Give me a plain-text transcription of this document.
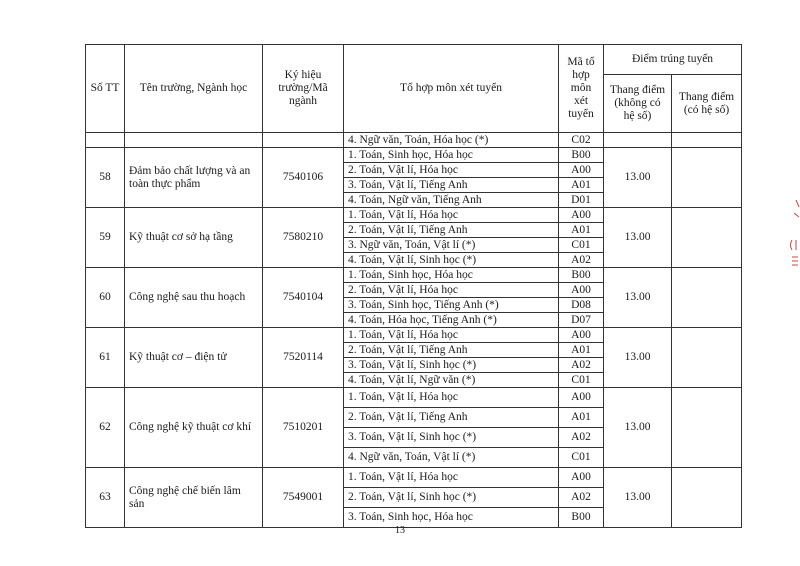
Số TT	Tên trường, Ngành học	Ký hiệu trường/Mã ngành	Tổ hợp môn xét tuyển	Mã tổ hợp môn xét tuyển	Điểm trúng tuyển	
					Thang điểm (không có hệ số)	Thang điểm (có hệ số)
			4. Ngữ văn, Toán, Hóa học (*)	C02		
58	Đảm bảo chất lượng và an toàn thực phẩm	7540106	1. Toán, Sinh học, Hóa học	B00	13.00	
			2. Toán, Vật lí, Hóa học	A00		
			3. Toán, Vật lí, Tiếng Anh	A01		
			4. Toán, Ngữ văn, Tiếng Anh	D01		
59	Kỹ thuật cơ sở hạ tầng	7580210	1. Toán, Vật lí, Hóa học	A00	13.00	
			2. Toán, Vật lí, Tiếng Anh	A01		
			3. Ngữ văn, Toán, Vật lí (*)	C01		
			4. Toán, Vật lí, Sinh học (*)	A02		
60	Công nghệ sau thu hoạch	7540104	1. Toán, Sinh học, Hóa học	B00	13.00	
			2. Toán, Vật lí, Hóa học	A00		
			3. Toán, Sinh học, Tiếng Anh (*)	D08		
			4. Toán, Hóa học, Tiếng Anh (*)	D07		
61	Kỹ thuật cơ – điện tử	7520114	1. Toán, Vật lí, Hóa học	A00	13.00	
			2. Toán, Vật lí, Tiếng Anh	A01		
			3. Toán, Vật lí, Sinh học (*)	A02		
			4. Toán, Vật lí, Ngữ văn (*)	C01		
62	Công nghệ kỹ thuật cơ khí	7510201	1. Toán, Vật lí, Hóa học	A00	13.00	
			2. Toán, Vật lí, Tiếng Anh	A01		
			3. Toán, Vật lí, Sinh học (*)	A02		
			4. Ngữ văn, Toán, Vật lí (*)	C01		
63	Công nghệ chế biến lâm sản	7549001	1. Toán, Vật lí, Hóa học	A00	13.00	
			2. Toán, Vật lí, Sinh học (*)	A02		
			3. Toán, Sinh học, Hóa học	B00		
13
